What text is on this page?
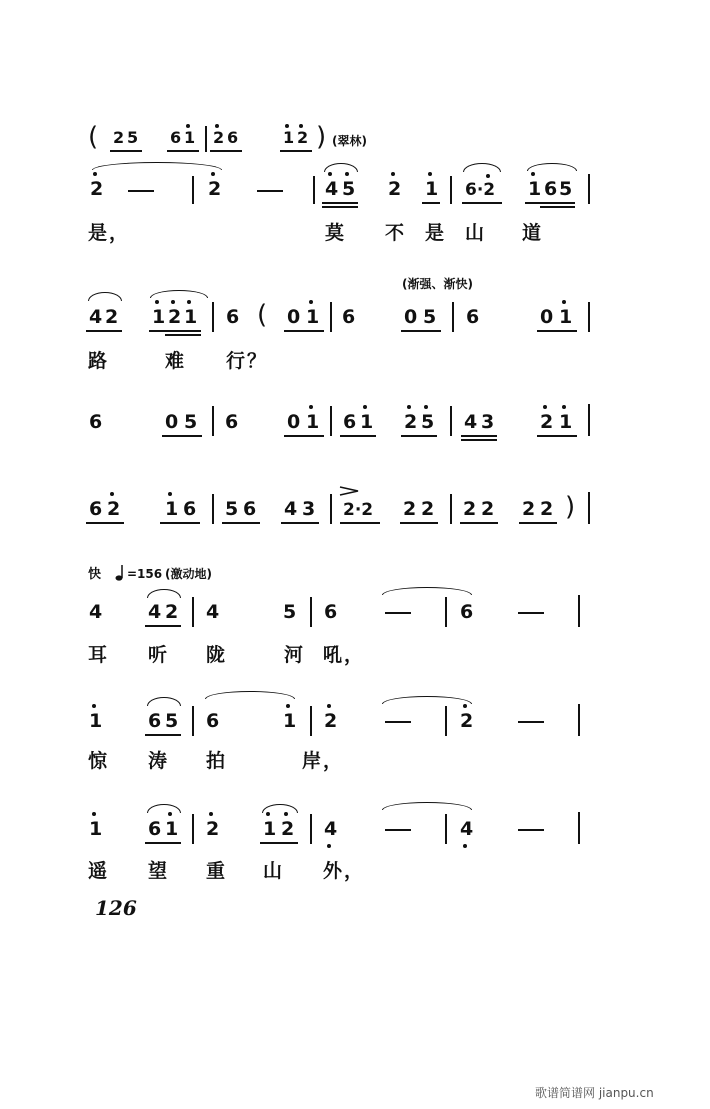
( 2 5 6 1 2 6	1 2 ) (翠林)
2	2	4 5 2 1 6·2 1 6 5
是，	莫 不 是 山 道
(渐强、渐快)
4 2 1 2 1 6 ( 0 1 6	0 5 6	0 1
路	难 行？
6	0 5 6	0 1 6 1 2 5 4 3 2 1
6 2 1 6 5 6 4 3 2·2 2 2 2 2 2 2 )
快 =156 (激动地)
4 4 2 4	5 6	6
耳 听 陇	河 吼，
1 6 5 6	1 2	2
惊 涛 拍	岸，
1 6 1 2 1 2 4	4
遥 望 重 山 外，
126
歌谱简谱网 jianpu.cn
